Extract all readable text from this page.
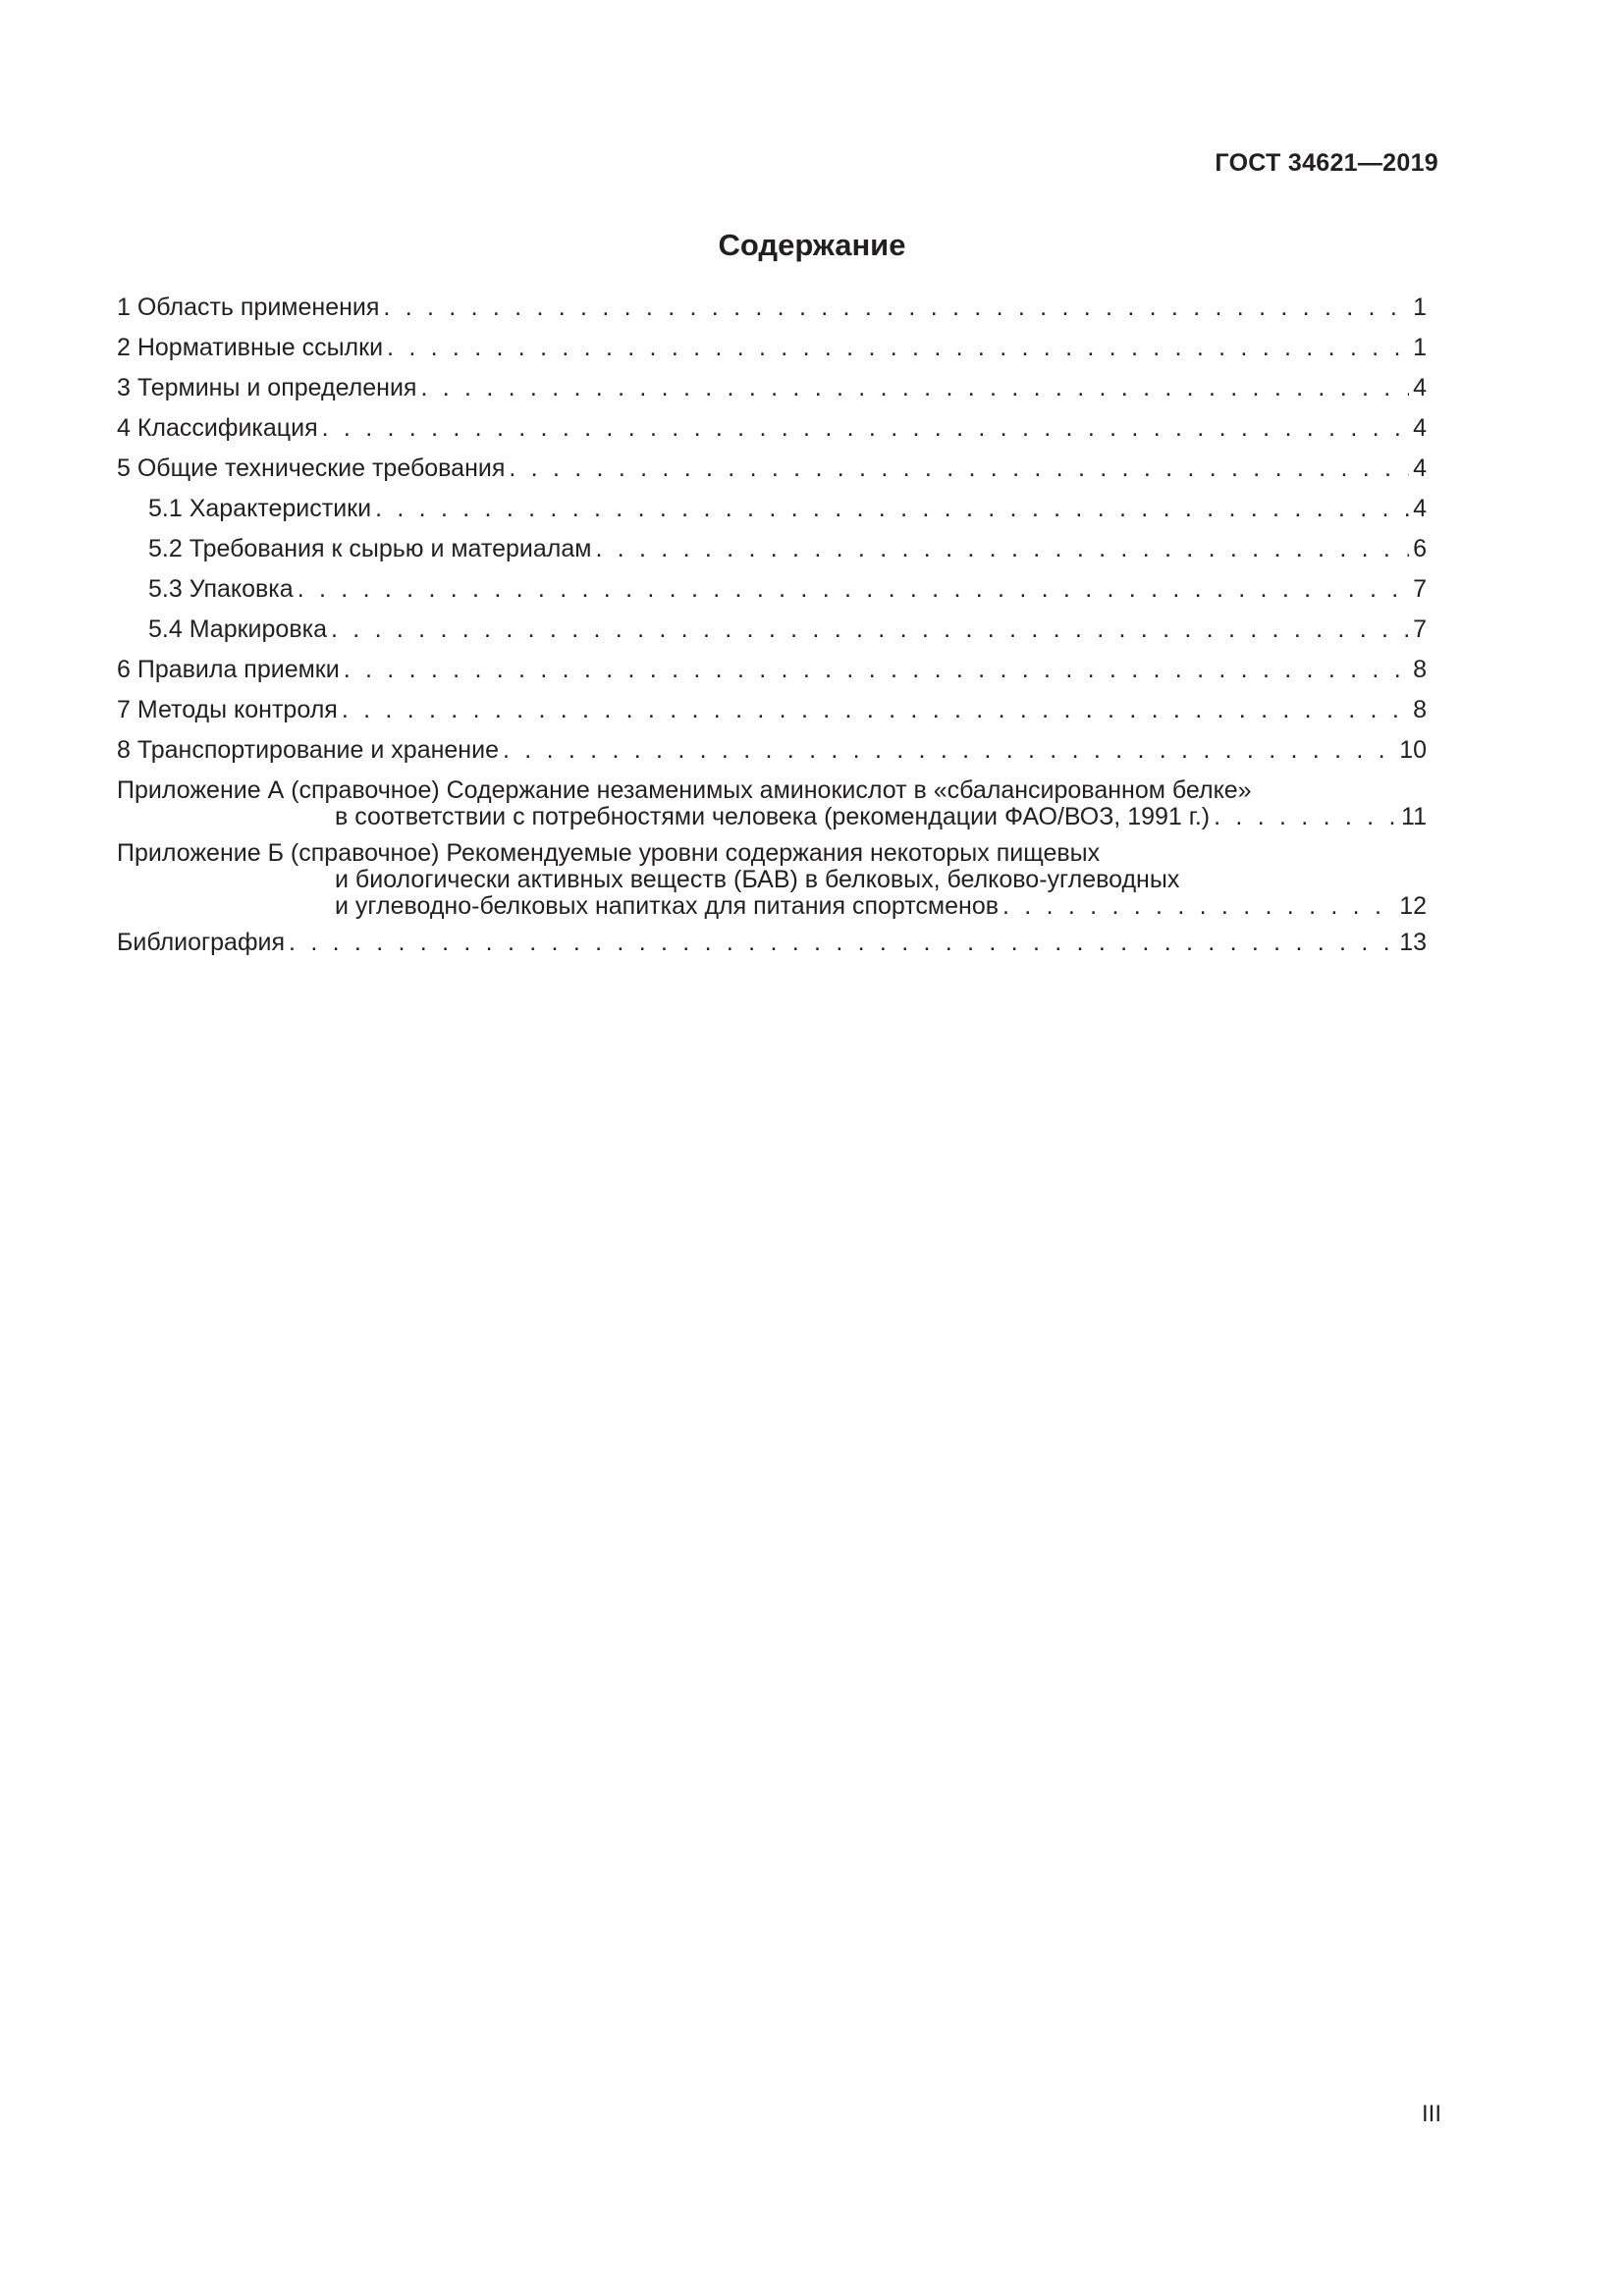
ГОСТ 34621—2019
Содержание
1 Область применения . . .	1
2 Нормативные ссылки . . .	1
3 Термины и определения . . .	4
4 Классификация . . .	4
5 Общие технические требования . . .	4
5.1 Характеристики . . .	4
5.2 Требования к сырью и материалам . . .	6
5.3 Упаковка . . .	7
5.4 Маркировка . . .	7
6 Правила приемки . . .	8
7 Методы контроля . . .	8
8 Транспортирование и хранение . . .	10
Приложение А (справочное) Содержание незаменимых аминокислот в «сбалансированном белке»
в соответствии с потребностями человека (рекомендации ФАО/ВОЗ, 1991 г.) . . .	11
Приложение Б (справочное) Рекомендуемые уровни содержания некоторых пищевых
и биологически активных веществ (БАВ) в белковых, белково-углеводных
и углеводно-белковых напитках для питания спортсменов . . .	12
Библиография . . .	13
III
